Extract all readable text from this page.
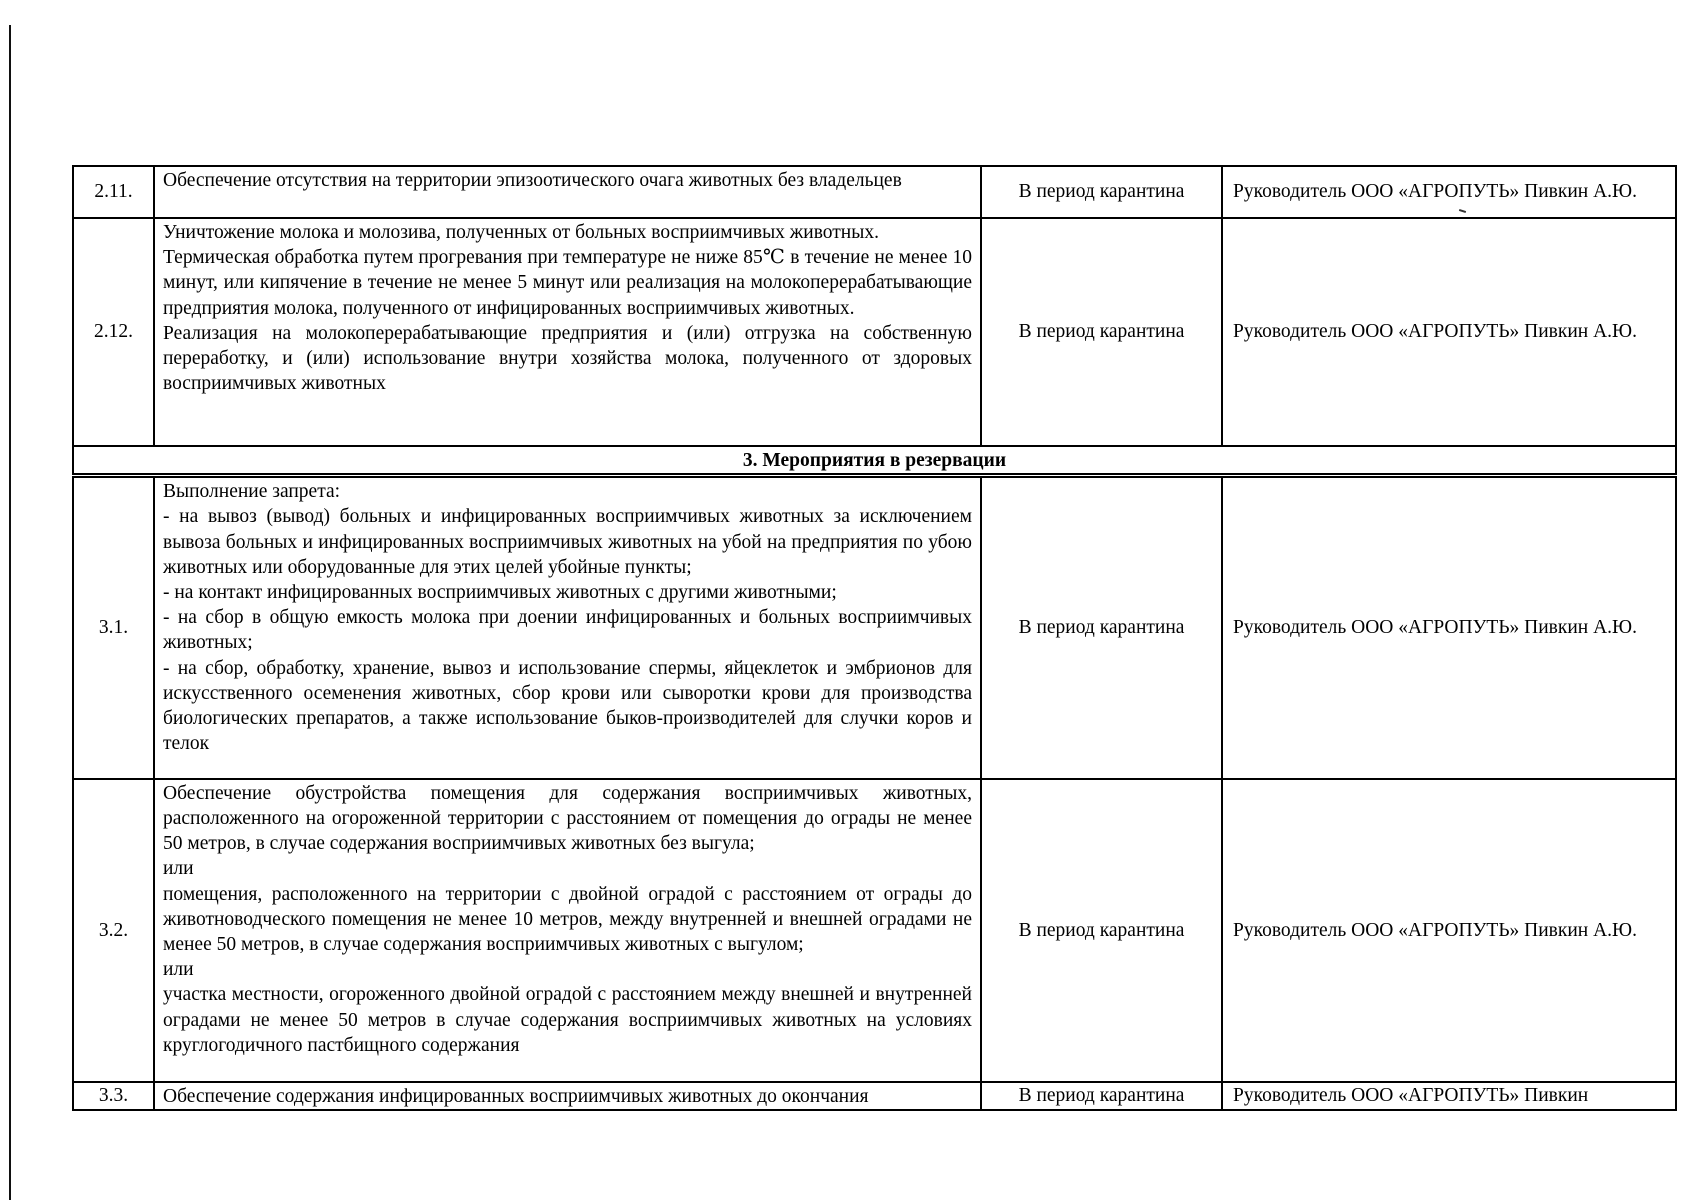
2.11.	Обеспечение отсутствия на территории эпизоотического очага животных без владельцев	В период карантина	Руководитель ООО «АГРОПУТЬ» Пивкин А.Ю.
2.12.	Уничтожение молока и молозива, полученных от больных восприимчивых животных.

Термическая обработка путем прогревания при температуре не ниже 85℃ в течение не менее 10 минут, или кипячение в течение не менее 5 минут или реализация на молокоперерабатывающие предприятия молока, полученного от инфицированных восприимчивых животных.

Реализация на молокоперерабатывающие предприятия и (или) отгрузка на собственную переработку, и (или) использование внутри хозяйства молока, полученного от здоровых восприимчивых животных	В период карантина	Руководитель ООО «АГРОПУТЬ» Пивкин А.Ю.
3. Мероприятия в резервации			
3.1.	Выполнение запрета:

- на вывоз (вывод) больных и инфицированных восприимчивых животных за исключением вывоза больных и инфицированных восприимчивых животных на убой на предприятия по убою животных или оборудованные для этих целей убойные пункты;

- на контакт инфицированных восприимчивых животных с другими животными;

- на сбор в общую емкость молока при доении инфицированных и больных восприимчивых животных;

- на сбор, обработку, хранение, вывоз и использование спермы, яйцеклеток и эмбрионов для искусственного осеменения животных, сбор крови или сыворотки крови для производства биологических препаратов, а также использование быков-производителей для случки коров и телок	В период карантина	Руководитель ООО «АГРОПУТЬ» Пивкин А.Ю.
3.2.	Обеспечение обустройства помещения для содержания восприимчивых животных, расположенного на огороженной территории с расстоянием от помещения до ограды не менее 50 метров, в случае содержания восприимчивых животных без выгула;

или

помещения, расположенного на территории с двойной оградой с расстоянием от ограды до животноводческого помещения не менее 10 метров, между внутренней и внешней оградами не менее 50 метров, в случае содержания восприимчивых животных с выгулом;

или

участка местности, огороженного двойной оградой с расстоянием между внешней и внутренней оградами не менее 50 метров в случае содержания восприимчивых животных на условиях круглогодичного пастбищного содержания	В период карантина	Руководитель ООО «АГРОПУТЬ» Пивкин А.Ю.
3.3.	Обеспечение содержания инфицированных восприимчивых животных до окончания	В период карантина	Руководитель ООО «АГРОПУТЬ» Пивкин
